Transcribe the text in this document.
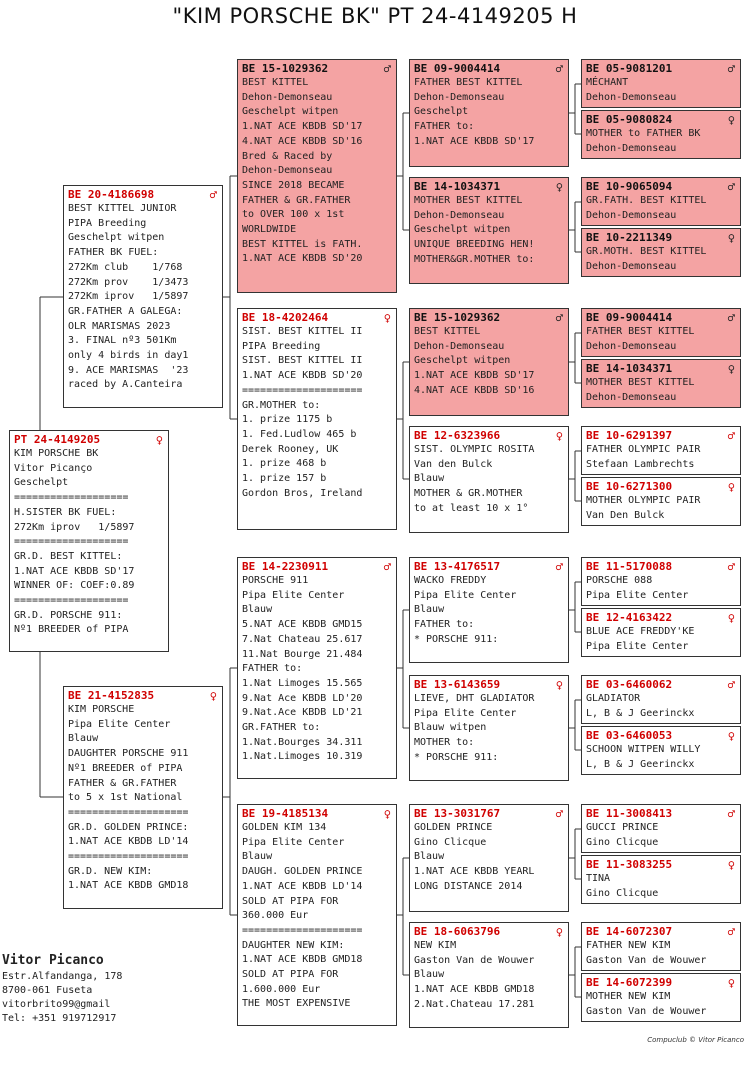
"KIM PORSCHE BK" PT 24-4149205 H
PT 24-4149205	♀
KIM PORSCHE BK
Vitor Picanço
Geschelpt
===================
H.SISTER BK FUEL:
272Km iprov   1/5897
===================
GR.D. BEST KITTEL:
1.NAT ACE KBDB SD'17
WINNER OF: COEF:0.89
===================
GR.D. PORSCHE 911:
Nº1 BREEDER of PIPA
BE 20-4186698	♂
BEST KITTEL JUNIOR
PIPA Breeding
Geschelpt witpen
FATHER BK FUEL:
272Km club    1/768
272Km prov    1/3473
272Km iprov   1/5897
GR.FATHER A GALEGA:
OLR MARISMAS 2023
3. FINAL nº3 501Km
only 4 birds in day1
9. ACE MARISMAS  '23
raced by A.Canteira
BE 21-4152835	♀
KIM PORSCHE
Pipa Elite Center
Blauw
DAUGHTER PORSCHE 911
Nº1 BREEDER of PIPA
FATHER & GR.FATHER
to 5 x 1st National
====================
GR.D. GOLDEN PRINCE:
1.NAT ACE KBDB LD'14
====================
GR.D. NEW KIM:
1.NAT ACE KBDB GMD18
BE 15-1029362	♂
BEST KITTEL
Dehon-Demonseau
Geschelpt witpen
1.NAT ACE KBDB SD'17
4.NAT ACE KBDB SD'16
Bred & Raced by
Dehon-Demonseau
SINCE 2018 BECAME
FATHER & GR.FATHER
to OVER 100 x 1st
WORLDWIDE
BEST KITTEL is FATH.
1.NAT ACE KBDB SD'20
BE 18-4202464	♀
SIST. BEST KITTEL II
PIPA Breeding
SIST. BEST KITTEL II
1.NAT ACE KBDB SD'20
====================
GR.MOTHER to:
1. prize 1175 b
1. Fed.Ludlow 465 b
Derek Rooney, UK
1. prize 468 b
1. prize 157 b
Gordon Bros, Ireland
BE 14-2230911	♂
PORSCHE 911
Pipa Elite Center
Blauw
5.NAT ACE KBDB GMD15
7.Nat Chateau 25.617
11.Nat Bourge 21.484
FATHER to:
1.Nat Limoges 15.565
9.Nat Ace KBDB LD'20
9.Nat.Ace KBDB LD'21
GR.FATHER to:
1.Nat.Bourges 34.311
1.Nat.Limoges 10.319
BE 19-4185134	♀
GOLDEN KIM 134
Pipa Elite Center
Blauw
DAUGH. GOLDEN PRINCE
1.NAT ACE KBDB LD'14
SOLD AT PIPA FOR
360.000 Eur
====================
DAUGHTER NEW KIM:
1.NAT ACE KBDB GMD18
SOLD AT PIPA FOR
1.600.000 Eur
THE MOST EXPENSIVE
BE 09-9004414	♂
FATHER BEST KITTEL
Dehon-Demonseau
Geschelpt
FATHER to:
1.NAT ACE KBDB SD'17
BE 14-1034371	♀
MOTHER BEST KITTEL
Dehon-Demonseau
Geschelpt witpen
UNIQUE BREEDING HEN!
MOTHER&GR.MOTHER to:
BE 15-1029362	♂
BEST KITTEL
Dehon-Demonseau
Geschelpt witpen
1.NAT ACE KBDB SD'17
4.NAT ACE KBDB SD'16
BE 12-6323966	♀
SIST. OLYMPIC ROSITA
Van den Bulck
Blauw
MOTHER & GR.MOTHER
to at least 10 x 1°
BE 13-4176517	♂
WACKO FREDDY
Pipa Elite Center
Blauw
FATHER to:
* PORSCHE 911:
BE 13-6143659	♀
LIEVE, DHT GLADIATOR
Pipa Elite Center
Blauw witpen
MOTHER to:
* PORSCHE 911:
BE 13-3031767	♂
GOLDEN PRINCE
Gino Clicque
Blauw
1.NAT ACE KBDB YEARL
LONG DISTANCE 2014
BE 18-6063796	♀
NEW KIM
Gaston Van de Wouwer
Blauw
1.NAT ACE KBDB GMD18
2.Nat.Chateau 17.281
BE 05-9081201	♂
MÉCHANT
Dehon-Demonseau
BE 05-9080824	♀
MOTHER to FATHER BK
Dehon-Demonseau
BE 10-9065094	♂
GR.FATH. BEST KITTEL
Dehon-Demonseau
BE 10-2211349	♀
GR.MOTH. BEST KITTEL
Dehon-Demonseau
BE 09-9004414	♂
FATHER BEST KITTEL
Dehon-Demonseau
BE 14-1034371	♀
MOTHER BEST KITTEL
Dehon-Demonseau
BE 10-6291397	♂
FATHER OLYMPIC PAIR
Stefaan Lambrechts
BE 10-6271300	♀
MOTHER OLYMPIC PAIR
Van Den Bulck
BE 11-5170088	♂
PORSCHE 088
Pipa Elite Center
BE 12-4163422	♀
BLUE ACE FREDDY'KE
Pipa Elite Center
BE 03-6460062	♂
GLADIATOR
L, B & J Geerinckx
BE 03-6460053	♀
SCHOON WITPEN WILLY
L, B & J Geerinckx
BE 11-3008413	♂
GUCCI PRINCE
Gino Clicque
BE 11-3083255	♀
TINA
Gino Clicque
BE 14-6072307	♂
FATHER NEW KIM
Gaston Van de Wouwer
BE 14-6072399	♀
MOTHER NEW KIM
Gaston Van de Wouwer
Vitor Picanco
Estr.Alfandanga, 178
8700-061 Fuseta
vitorbrito99@gmail
Tel: +351 919712917
Compuclub © Vitor Picanco
